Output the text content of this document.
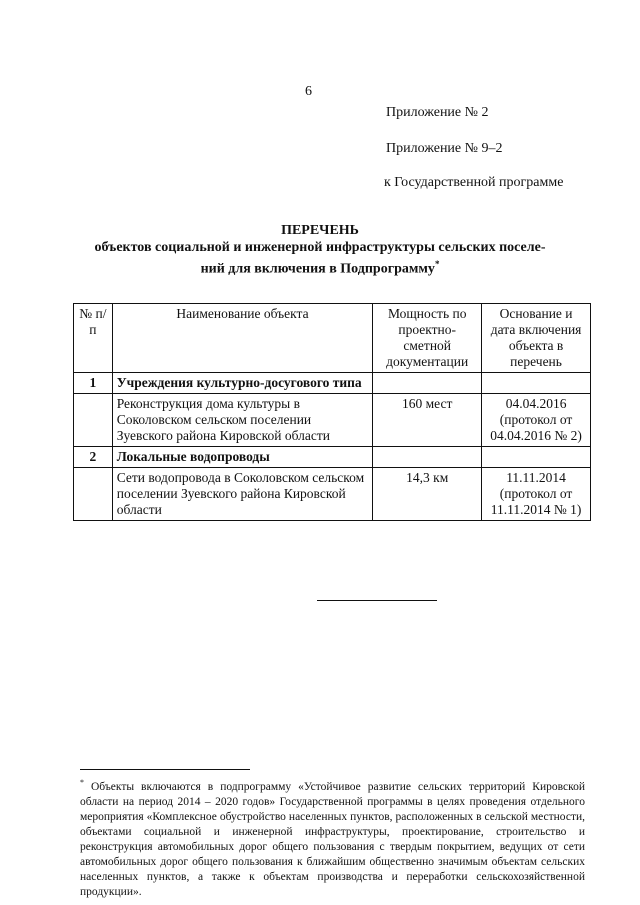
6
Приложение № 2
Приложение № 9–2
к Государственной программе
ПЕРЕЧЕНЬ
объектов социальной и инженерной инфраструктуры сельских поселе-
ний для включения в Подпрограмму*
№ п/п	Наименование объекта	Мощность по проектно-сметной документации	Основание и дата включения объекта в перечень
1	Учреждения культурно-досугового типа		
	Реконструкция дома культуры в Соколовском сельском поселении Зуевского района Кировской области	160 мест	04.04.2016 (протокол от 04.04.2016 № 2)
2	Локальные водопроводы		
	Сети водопровода в Соколовском сельском поселении Зуевского района Кировской области	14,3 км	11.11.2014 (протокол от 11.11.2014 № 1)
* Объекты включаются в подпрограмму «Устойчивое развитие сельских территорий Кировской области на период 2014 – 2020 годов» Государственной программы в целях проведения отдельного мероприятия «Комплексное обустройство населенных пунктов, расположенных в сельской местности, объектами социальной и инженерной инфраструктуры, проектирование, строительство и реконструкция автомобильных дорог общего пользования с твердым покрытием, ведущих от сети автомобильных дорог общего пользования к ближайшим общественно значимым объектам сельских населенных пунктов, а также к объектам производства и переработки сельскохозяйственной продукции».
